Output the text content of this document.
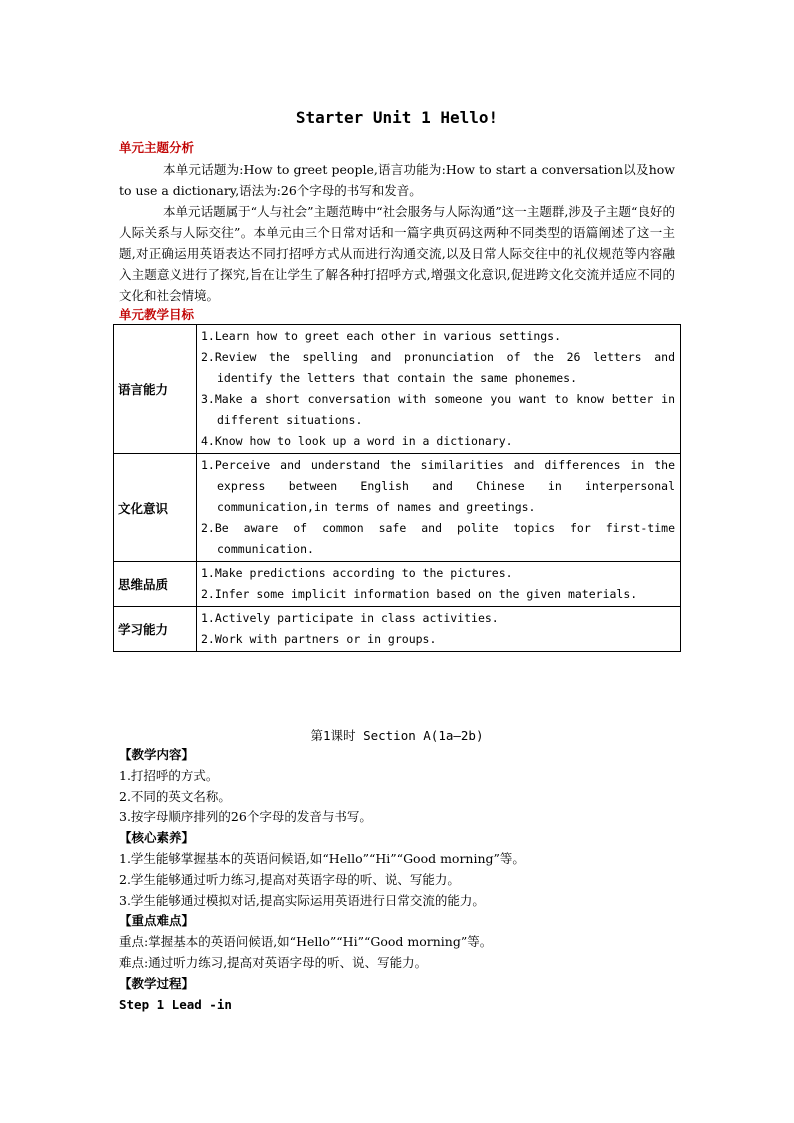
Starter Unit 1 Hello!
单元主题分析
本单元话题为:How to greet people,语言功能为:How to start a conversation以及how to use a dictionary,语法为:26个字母的书写和发音。
本单元话题属于“人与社会”主题范畴中“社会服务与人际沟通”这一主题群,涉及子主题“良好的人际关系与人际交往”。本单元由三个日常对话和一篇字典页码这两种不同类型的语篇阐述了这一主题,对正确运用英语表达不同打招呼方式从而进行沟通交流,以及日常人际交往中的礼仪规范等内容融入主题意义进行了探究,旨在让学生了解各种打招呼方式,增强文化意识,促进跨文化交流并适应不同的文化和社会情境。
单元教学目标
语言能力	1.Learn how to greet each other in various settings.
2.Review the spelling and pronunciation of the 26 letters and identify the letters that contain the same phonemes.
3.Make a short conversation with someone you want to know better in different situations.
4.Know how to look up a word in a dictionary.

文化意识	1.Perceive and understand the similarities and differences in the express between English and Chinese in interpersonal communication,in terms of names and greetings.
2.Be aware of common safe and polite topics for first-time communication.

思维品质	1.Make predictions according to the pictures.
2.Infer some implicit information based on the given materials.

学习能力	1.Actively participate in class activities.
2.Work with partners or in groups.
第1课时 Section A(1a—2b)
【教学内容】
1.打招呼的方式。
2.不同的英文名称。
3.按字母顺序排列的26个字母的发音与书写。
【核心素养】
1.学生能够掌握基本的英语问候语,如“Hello”“Hi”“Good morning”等。
2.学生能够通过听力练习,提高对英语字母的听、说、写能力。
3.学生能够通过模拟对话,提高实际运用英语进行日常交流的能力。
【重点难点】
重点:掌握基本的英语问候语,如“Hello”“Hi”“Good morning”等。
难点:通过听力练习,提高对英语字母的听、说、写能力。
【教学过程】
Step 1 Lead -in
